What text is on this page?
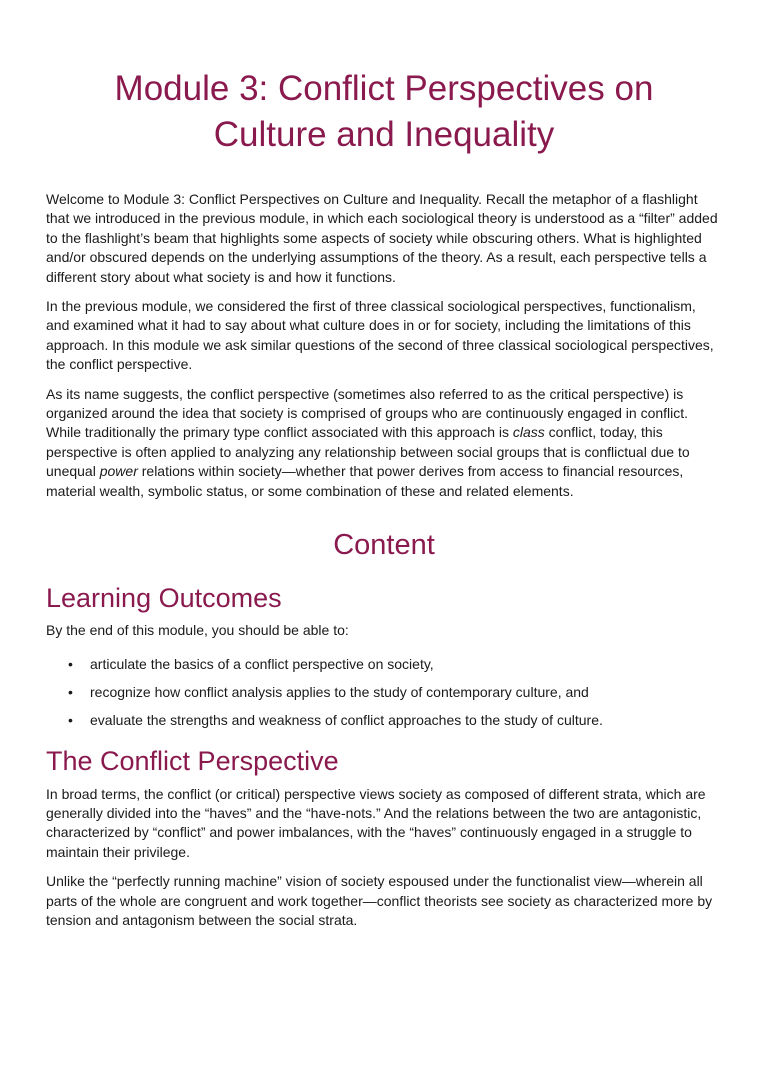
Module 3: Conflict Perspectives on
Culture and Inequality

Welcome to Module 3: Conflict Perspectives on Culture and Inequality. Recall the metaphor of a flashlight that we introduced in the previous module, in which each sociological theory is understood as a “filter” added to the flashlight’s beam that highlights some aspects of society while obscuring others. What is highlighted and/or obscured depends on the underlying assumptions of the theory. As a result, each perspective tells a different story about what society is and how it functions.

In the previous module, we considered the first of three classical sociological perspectives, functionalism, and examined what it had to say about what culture does in or for society, including the limitations of this approach. In this module we ask similar questions of the second of three classical sociological perspectives, the conflict perspective.

As its name suggests, the conflict perspective (sometimes also referred to as the critical perspective) is organized around the idea that society is comprised of groups who are continuously engaged in conflict. While traditionally the primary type conflict associated with this approach is class conflict, today, this perspective is often applied to analyzing any relationship between social groups that is conflictual due to unequal power relations within society—whether that power derives from access to financial resources, material wealth, symbolic status, or some combination of these and related elements.

Content
Learning Outcomes

By the end of this module, you should be able to:

• articulate the basics of a conflict perspective on society,
• recognize how conflict analysis applies to the study of contemporary culture, and
• evaluate the strengths and weakness of conflict approaches to the study of culture.
The Conflict Perspective

In broad terms, the conflict (or critical) perspective views society as composed of different strata, which are generally divided into the “haves” and the “have-nots.” And the relations between the two are antagonistic, characterized by “conflict” and power imbalances, with the “haves” continuously engaged in a struggle to maintain their privilege.

Unlike the “perfectly running machine” vision of society espoused under the functionalist view—wherein all parts of the whole are congruent and work together—conflict theorists see society as characterized more by tension and antagonism between the social strata.
